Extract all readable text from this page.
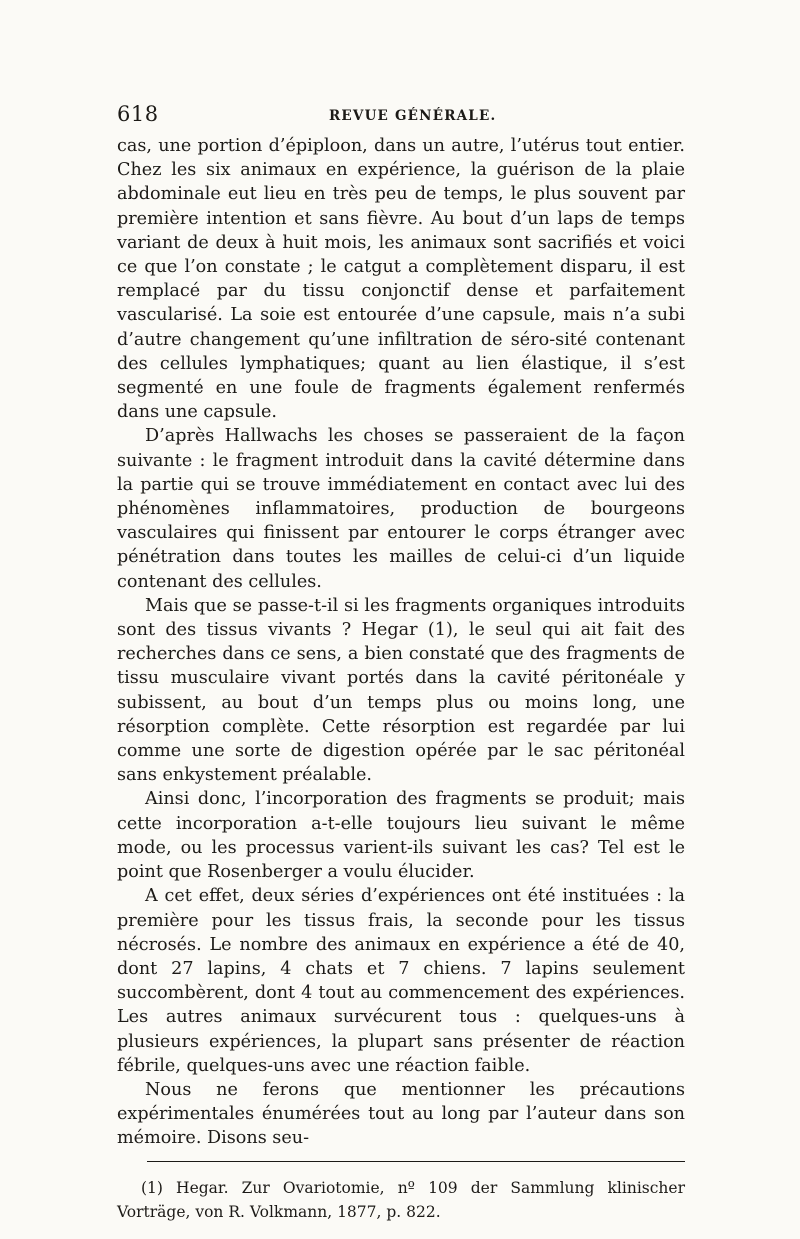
618	REVUE GÉNÉRALE.

cas, une portion d’épiploon, dans un autre, l’utérus tout entier. Chez les six animaux en expérience, la guérison de la plaie abdominale eut lieu en très peu de temps, le plus souvent par première intention et sans fièvre. Au bout d’un laps de temps variant de deux à huit mois, les animaux sont sacrifiés et voici ce que l’on constate ; le catgut a complètement disparu, il est remplacé par du tissu conjonctif dense et parfaitement vascularisé. La soie est entourée d’une capsule, mais n’a subi d’autre changement qu’une infiltration de séro-sité contenant des cellules lymphatiques; quant au lien élastique, il s’est segmenté en une foule de fragments également renfermés dans une capsule.

D’après Hallwachs les choses se passeraient de la façon suivante : le fragment introduit dans la cavité détermine dans la partie qui se trouve immédiatement en contact avec lui des phénomènes inflammatoires, production de bourgeons vasculaires qui finissent par entourer le corps étranger avec pénétration dans toutes les mailles de celui-ci d’un liquide contenant des cellules.

Mais que se passe-t-il si les fragments organiques introduits sont des tissus vivants ? Hegar (1), le seul qui ait fait des recherches dans ce sens, a bien constaté que des fragments de tissu musculaire vivant portés dans la cavité péritonéale y subissent, au bout d’un temps plus ou moins long, une résorption complète. Cette résorption est regardée par lui comme une sorte de digestion opérée par le sac péritonéal sans enkystement préalable.

Ainsi donc, l’incorporation des fragments se produit; mais cette incorporation a-t-elle toujours lieu suivant le même mode, ou les processus varient-ils suivant les cas? Tel est le point que Rosenberger a voulu élucider.

A cet effet, deux séries d’expériences ont été instituées : la première pour les tissus frais, la seconde pour les tissus nécrosés. Le nombre des animaux en expérience a été de 40, dont 27 lapins, 4 chats et 7 chiens. 7 lapins seulement succombèrent, dont 4 tout au commencement des expériences. Les autres animaux survécurent tous : quelques-uns à plusieurs expériences, la plupart sans présenter de réaction fébrile, quelques-uns avec une réaction faible.

Nous ne ferons que mentionner les précautions expérimentales énumérées tout au long par l’auteur dans son mémoire. Disons seu-

(1) Hegar. Zur Ovariotomie, nº 109 der Sammlung klinischer Vorträge, von R. Volkmann, 1877, p. 822.
